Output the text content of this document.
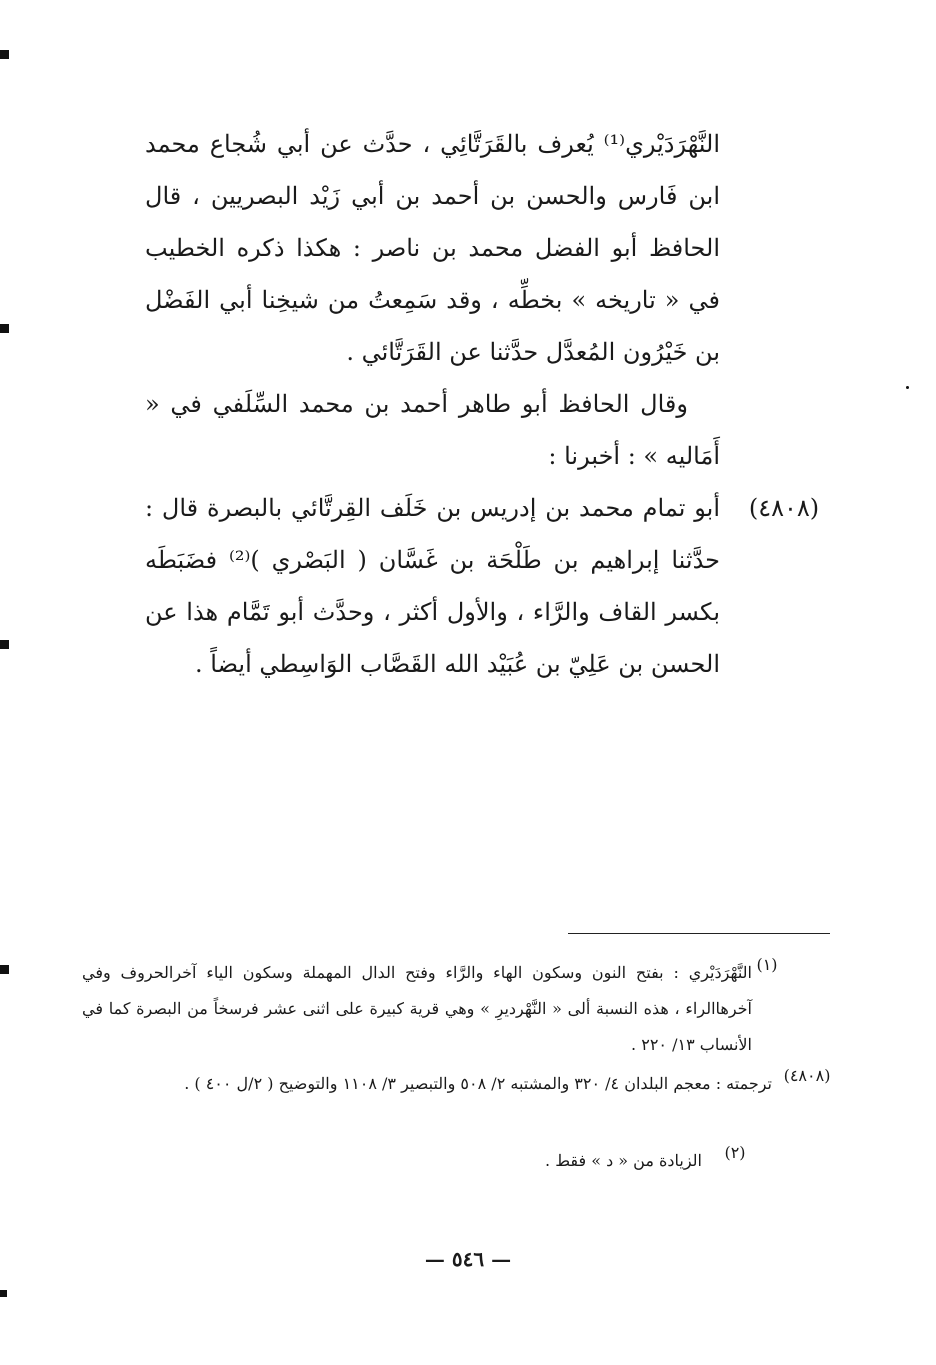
النَّهْرَدَيْري⁽¹⁾ يُعرف بالقَرَتَّائِي ، حدَّث عن أبي شُجاع محمد ابن فَارس والحسن بن أحمد بن أبي زَيْد البصريين ، قال الحافظ أبو الفضل محمد بن ناصر : هكذا ذكره الخطيب في « تاريخه » بخطِّه ، وقد سَمِعتُ من شيخِنا أبي الفَضْل بن خَيْرُون المُعدَّل حدَّثنا عن القَرَتَّائي .

وقال الحافظ أبو طاهر أحمد بن محمد السِّلَفي في « أَمَاليه » : أخبرنا :

(٤٨٠٨)

أبو تمام محمد بن إدريس بن خَلَف القِرتَّائي بالبصرة قال : حدَّثنا إبراهيم بن طَلْحَة بن غَسَّان ( البَصْري )⁽²⁾ فضَبَطَه بكسر القاف والرَّاء ، والأول أكثر ، وحدَّث أبو تَمَّام هذا عن الحسن بن عَلِيّ بن عُبَيْد الله القَصَّاب الوَاسِطي أيضاً .

(١)
النَّهْرَدَيْري : بفتح النون وسكون الهاء والرَّاء وفتح الدال المهملة وسكون الياء آخرالحروف وفي آخرهاالراء ، هذه النسبة ألى « النَّهْرديرِ » وهي قرية كبيرة على اثنى عشر فرسخاً من البصرة كما في الأنساب ١٣/ ٢٢٠ .
(٤٨٠٨)
ترجمته : معجم البلدان ٤/ ٣٢٠ والمشتبه ٢/ ٥٠٨ والتبصير ٣/ ١١٠٨ والتوضيح ( ٢/ل ٤٠٠ ) .
(٢)
الزيادة من « د » فقط .
— ٥٤٦ —
